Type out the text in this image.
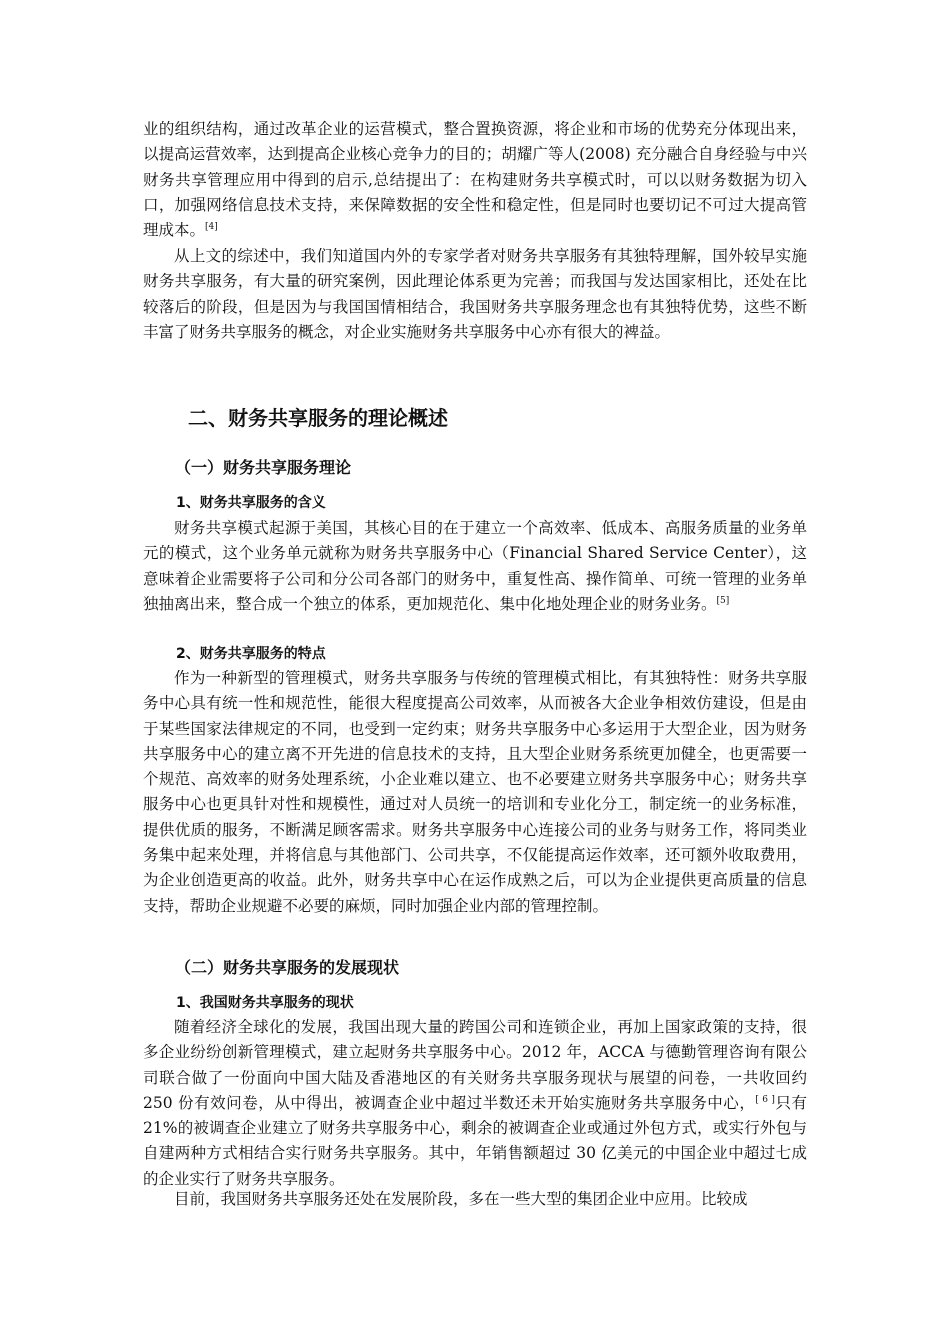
业的组织结构，通过改革企业的运营模式，整合置换资源，将企业和市场的优势充分体现出来，以提高运营效率，达到提高企业核心竞争力的目的；胡耀广等人(2008) 充分融合自身经验与中兴财务共享管理应用中得到的启示,总结提出了：在构建财务共享模式时，可以以财务数据为切入口，加强网络信息技术支持，来保障数据的安全性和稳定性，但是同时也要切记不可过大提高管理成本。[4]

从上文的综述中，我们知道国内外的专家学者对财务共享服务有其独特理解，国外较早实施财务共享服务，有大量的研究案例，因此理论体系更为完善；而我国与发达国家相比，还处在比较落后的阶段，但是因为与我国国情相结合，我国财务共享服务理念也有其独特优势，这些不断丰富了财务共享服务的概念，对企业实施财务共享服务中心亦有很大的裨益。

二、财务共享服务的理论概述
（一）财务共享服务理论
1、财务共享服务的含义

财务共享模式起源于美国，其核心目的在于建立一个高效率、低成本、高服务质量的业务单元的模式，这个业务单元就称为财务共享服务中心（Financial Shared Service Center），这意味着企业需要将子公司和分公司各部门的财务中，重复性高、操作简单、可统一管理的业务单独抽离出来，整合成一个独立的体系，更加规范化、集中化地处理企业的财务业务。[5]

2、财务共享服务的特点

作为一种新型的管理模式，财务共享服务与传统的管理模式相比，有其独特性：财务共享服务中心具有统一性和规范性，能很大程度提高公司效率，从而被各大企业争相效仿建设，但是由于某些国家法律规定的不同，也受到一定约束；财务共享服务中心多运用于大型企业，因为财务共享服务中心的建立离不开先进的信息技术的支持，且大型企业财务系统更加健全，也更需要一个规范、高效率的财务处理系统，小企业难以建立、也不必要建立财务共享服务中心；财务共享服务中心也更具针对性和规模性，通过对人员统一的培训和专业化分工，制定统一的业务标准，提供优质的服务，不断满足顾客需求。财务共享服务中心连接公司的业务与财务工作，将同类业务集中起来处理，并将信息与其他部门、公司共享，不仅能提高运作效率，还可额外收取费用，为企业创造更高的收益。此外，财务共享中心在运作成熟之后，可以为企业提供更高质量的信息支持，帮助企业规避不必要的麻烦，同时加强企业内部的管理控制。

（二）财务共享服务的发展现状
1、我国财务共享服务的现状

随着经济全球化的发展，我国出现大量的跨国公司和连锁企业，再加上国家政策的支持，很多企业纷纷创新管理模式，建立起财务共享服务中心。2012 年，ACCA 与德勤管理咨询有限公司联合做了一份面向中国大陆及香港地区的有关财务共享服务现状与展望的问卷，一共收回约 250 份有效问卷，从中得出，被调查企业中超过半数还未开始实施财务共享服务中心，[ 6 ]只有 21%的被调查企业建立了财务共享服务中心，剩余的被调查企业或通过外包方式，或实行外包与自建两种方式相结合实行财务共享服务。其中，年销售额超过 30 亿美元的中国企业中超过七成的企业实行了财务共享服务。

目前，我国财务共享服务还处在发展阶段，多在一些大型的集团企业中应用。比较成
